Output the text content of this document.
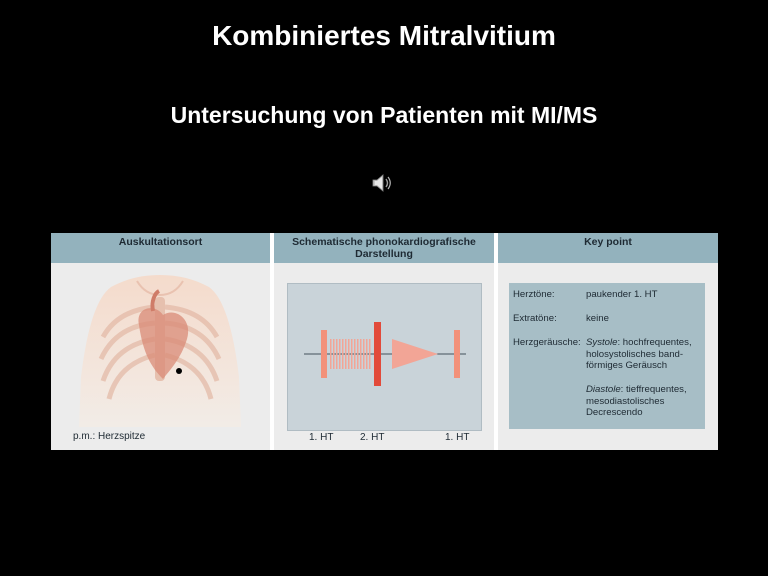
Kombiniertes Mitralvitium
Untersuchung von Patienten mit MI/MS
Auskultationsort	Schematische phonokardiografische
Darstellung
Key point
p.m.: Herzspitze	1. HT	2. HT	1. HT
Herztöne:	paukender 1. HT
Extratöne:	keine
Herzgeräusche: Systole: hochfrequentes,
holosystolisches band-
förmiges Geräusch
Diastole: tieffrequentes,
mesodiastolisches
Decrescendo
